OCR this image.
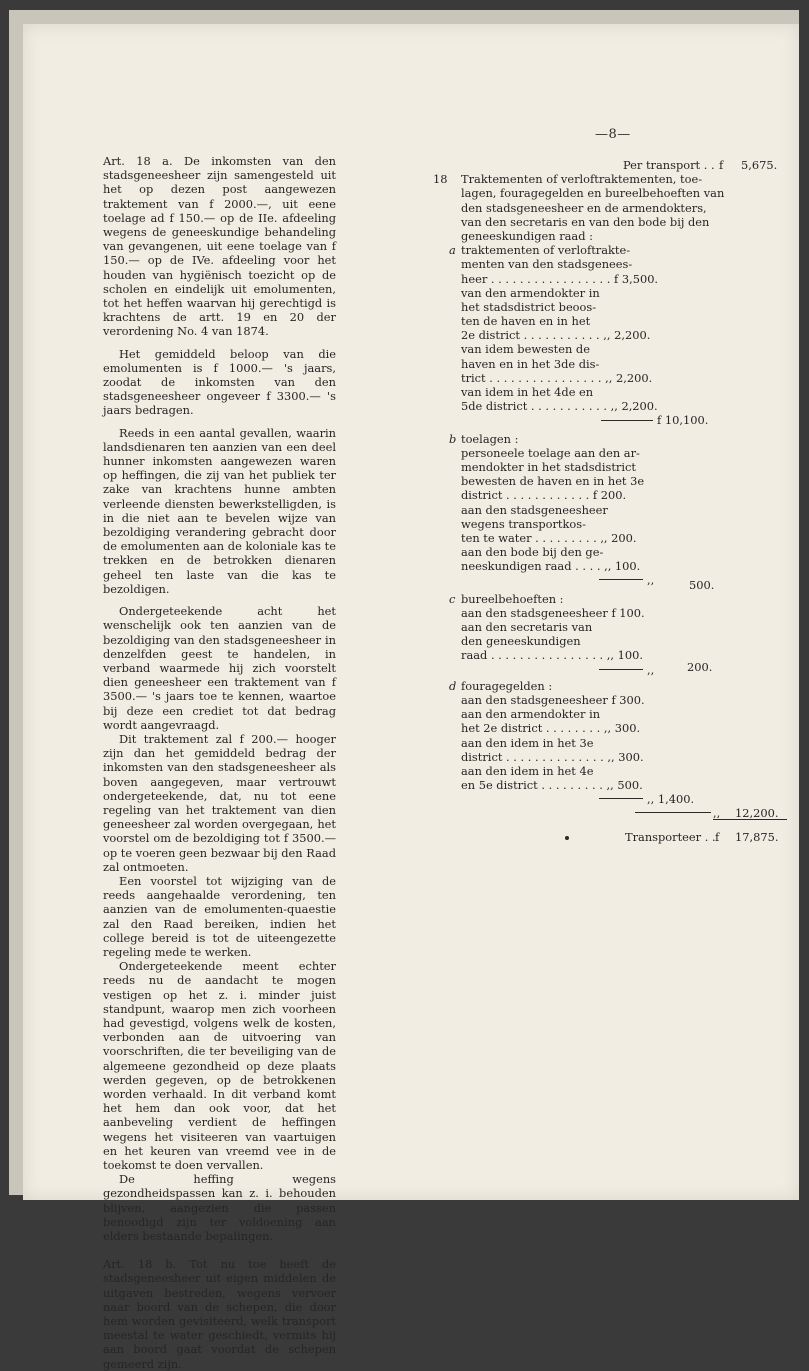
—8—

Art. 18 a. De inkomsten van den stadsgeneesheer zijn samengesteld uit het op dezen post aangewezen traktement van f 2000.—, uit eene toelage ad f 150.— op de IIe. afdeeling wegens de geneeskundige behandeling van gevangenen, uit eene toelage van f 150.— op de IVe. afdeeling voor het houden van hygiënisch toezicht op de scholen en eindelijk uit emolumenten, tot het heffen waarvan hij gerechtigd is krachtens de artt. 19 en 20 der verordening No. 4 van 1874.

Het gemiddeld beloop van die emolumenten is f 1000.— 's jaars, zoodat de inkomsten van den stadsgeneesheer ongeveer f 3300.— 's jaars bedragen.

Reeds in een aantal gevallen, waarin landsdienaren ten aanzien van een deel hunner inkomsten aangewezen waren op heffingen, die zij van het publiek ter zake van krachtens hunne ambten verleende diensten bewerkstelligden, is in die niet aan te bevelen wijze van bezoldiging verandering gebracht door de emolumenten aan de koloniale kas te trekken en de betrokken dienaren geheel ten laste van die kas te bezoldigen.

Ondergeteekende acht het wenschelijk ook ten aanzien van de bezoldiging van den stadsgeneesheer in denzelfden geest te handelen, in verband waarmede hij zich voorstelt dien geneesheer een traktement van f 3500.— 's jaars toe te kennen, waartoe bij deze een crediet tot dat bedrag wordt aangevraagd.

Dit traktement zal f 200.— hooger zijn dan het gemiddeld bedrag der inkomsten van den stadsgeneesheer als boven aangegeven, maar vertrouwt ondergeteekende, dat, nu tot eene regeling van het traktement van dien geneesheer zal worden overgegaan, het voorstel om de bezoldiging tot f 3500.— op te voeren geen bezwaar bij den Raad zal ontmoeten.

Een voorstel tot wijziging van de reeds aangehaalde verordening, ten aanzien van de emolumenten-quaestie zal den Raad bereiken, indien het college bereid is tot de uiteengezette regeling mede te werken.

Ondergeteekende meent echter reeds nu de aandacht te mogen vestigen op het z. i. minder juist standpunt, waarop men zich voorheen had gevestigd, volgens welk de kosten, verbonden aan de uitvoering van voorschriften, die ter beveiliging van de algemeene gezondheid op deze plaats werden gegeven, op de betrokkenen worden verhaald. In dit verband komt het hem dan ook voor, dat het aanbeveling verdient de heffingen wegens het visiteeren van vaartuigen en het keuren van vreemd vee in de toekomst te doen vervallen.

De heffing wegens gezondheidspassen kan z. i. behouden blijven, aangezien die passen benoodigd zijn ter voldoening aan elders bestaande bepalingen.

Art. 18 b. Tot nu toe heeft de stadsgeneesheer uit eigen middelen de uitgaven bestreden, wegens vervoer naar boord van de schepen, die door hem worden gevisiteerd, welk transport meestal te water geschiedt, vermits hij aan boord gaat voordat de schepen gemeerd zijn.

Per transport . . f 5,675.
18 Traktementen of verloftraktementen, toe-
lagen, fouragegelden en bureelbehoeften van
den stadsgeneesheer en de armendokters,
van den secretaris en van den bode bij den
geneeskundigen raad :
a traktementen of verloftrakte-
menten van den stadsgenees-
heer . . . . . . . . . . . . . . . . . f 3,500.
van den armendokter in
het stadsdistrict beoos-
ten de haven en in het
2e district . . . . . . . . . . . ,, 2,200.
van idem bewesten de
haven en in het 3de dis-
trict . . . . . . . . . . . . . . . . ,, 2,200.
van idem in het 4de en
5de district . . . . . . . . . . . ,, 2,200.
f 10,100.
b toelagen :
personeele toelage aan den ar-
mendokter in het stadsdistrict
bewesten de haven en in het 3e
district . . . . . . . . . . . . f 200.
aan den stadsgeneesheer
wegens transportkos-
ten te water . . . . . . . . . ,, 200.
aan den bode bij den ge-
neeskundigen raad . . . . ,, 100.
,,	500.
c bureelbehoeften :
aan den stadsgeneesheer f 100.
aan den secretaris van
den geneeskundigen
raad . . . . . . . . . . . . . . . . ,, 100.
,,	200.
d fouragegelden :
aan den stadsgeneesheer f 300.
aan den armendokter in
het 2e district . . . . . . . . ,, 300.
aan den idem in het 3e
district . . . . . . . . . . . . . . ,, 300.
aan den idem in het 4e
en 5e district . . . . . . . . . ,, 500.
,, 1,400.
,, 12,200.
Transporteer . . f 17,875.
